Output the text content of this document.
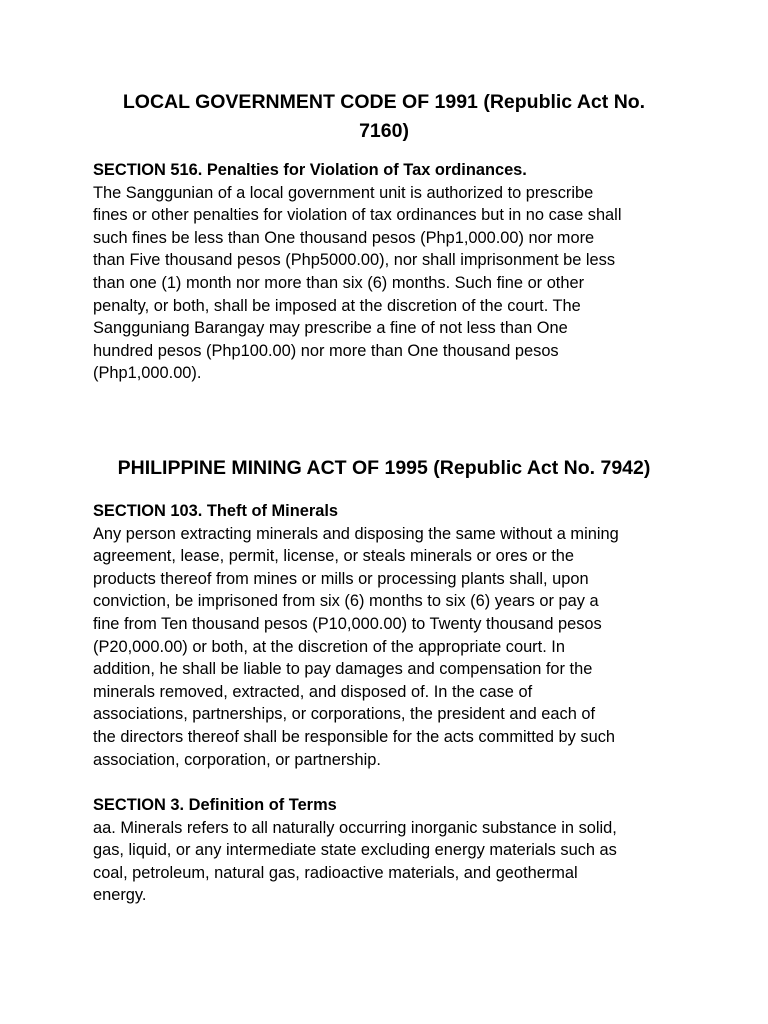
LOCAL GOVERNMENT CODE OF 1991 (Republic Act No.
7160)

SECTION 516. Penalties for Violation of Tax ordinances.

The Sanggunian of a local government unit is authorized to prescribe
fines or other penalties for violation of tax ordinances but in no case shall
such fines be less than One thousand pesos (Php1,000.00) nor more
than Five thousand pesos (Php5000.00), nor shall imprisonment be less
than one (1) month nor more than six (6) months. Such fine or other
penalty, or both, shall be imposed at the discretion of the court. The
Sangguniang Barangay may prescribe a fine of not less than One
hundred pesos (Php100.00) nor more than One thousand pesos
(Php1,000.00).

PHILIPPINE MINING ACT OF 1995 (Republic Act No. 7942)

SECTION 103. Theft of Minerals

Any person extracting minerals and disposing the same without a mining
agreement, lease, permit, license, or steals minerals or ores or the
products thereof from mines or mills or processing plants shall, upon
conviction, be imprisoned from six (6) months to six (6) years or pay a
fine from Ten thousand pesos (P10,000.00) to Twenty thousand pesos
(P20,000.00) or both, at the discretion of the appropriate court. In
addition, he shall be liable to pay damages and compensation for the
minerals removed, extracted, and disposed of. In the case of
associations, partnerships, or corporations, the president and each of
the directors thereof shall be responsible for the acts committed by such
association, corporation, or partnership.

SECTION 3. Definition of Terms

aa. Minerals refers to all naturally occurring inorganic substance in solid,
gas, liquid, or any intermediate state excluding energy materials such as
coal, petroleum, natural gas, radioactive materials, and geothermal
energy.
